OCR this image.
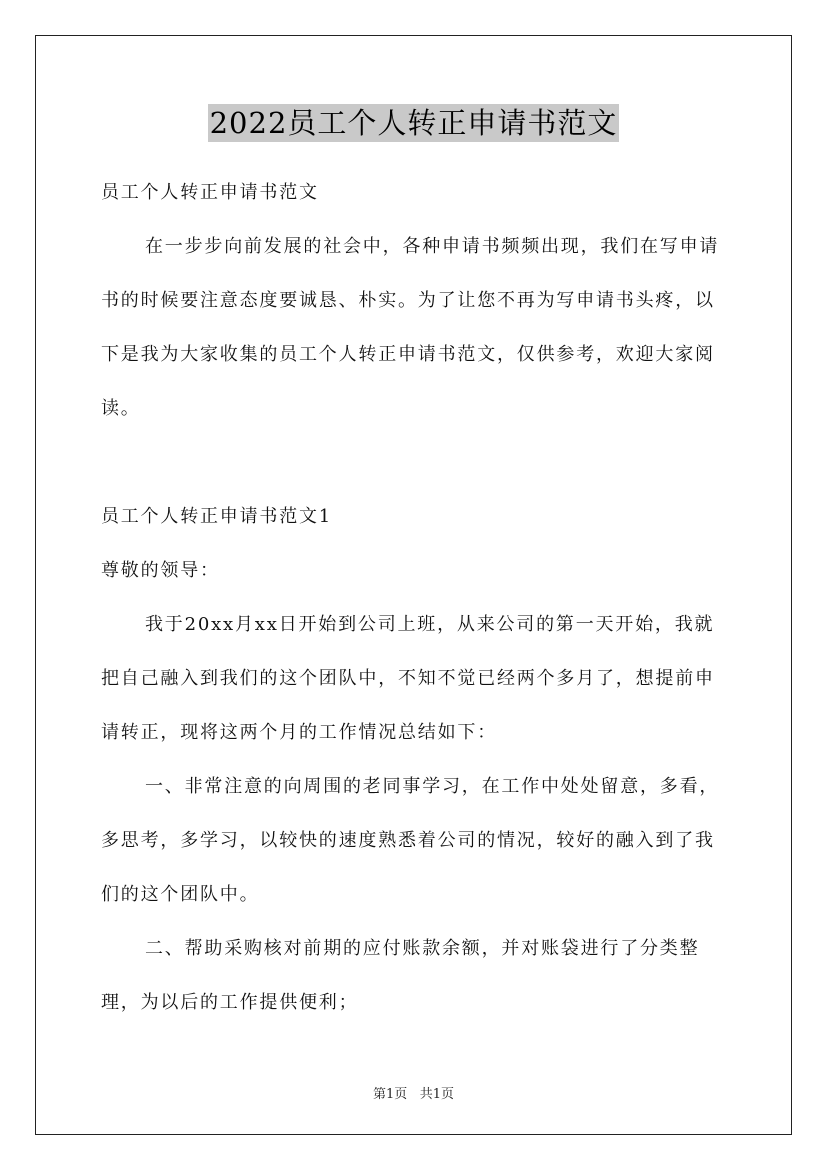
2022员工个人转正申请书范文

员工个人转正申请书范文

在一步步向前发展的社会中，各种申请书频频出现，我们在写申请书的时候要注意态度要诚恳、朴实。为了让您不再为写申请书头疼，以下是我为大家收集的员工个人转正申请书范文，仅供参考，欢迎大家阅读。

员工个人转正申请书范文1

尊敬的领导：

我于20xx月xx日开始到公司上班，从来公司的第一天开始，我就把自己融入到我们的这个团队中，不知不觉已经两个多月了，想提前申请转正，现将这两个月的工作情况总结如下：

一、非常注意的向周围的老同事学习，在工作中处处留意，多看，多思考，多学习，以较快的速度熟悉着公司的情况，较好的融入到了我们的这个团队中。

二、帮助采购核对前期的应付账款余额，并对账袋进行了分类整理，为以后的工作提供便利；

第1页 共1页
